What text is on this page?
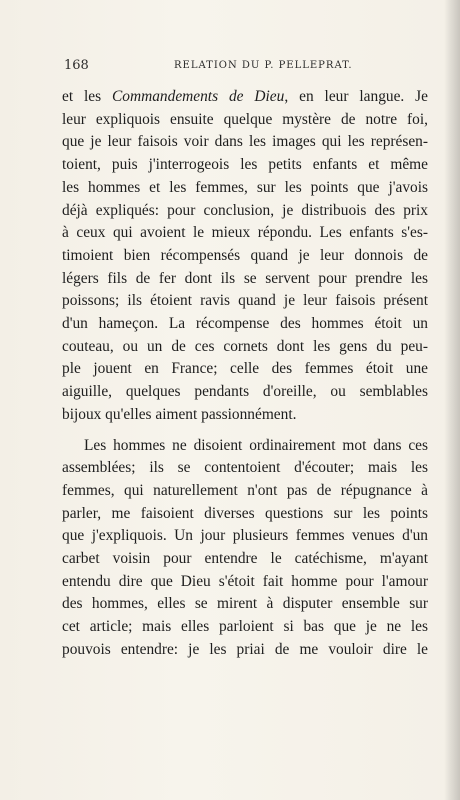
168	RELATION DU P. PELLEPRAT.
et les Commandements de Dieu, en leur langue. Je
leur expliquois ensuite quelque mystère de notre foi,
que je leur faisois voir dans les images qui les représen-
toient, puis j'interrogeois les petits enfants et même
les hommes et les femmes, sur les points que j'avois
déjà expliqués: pour conclusion, je distribuois des prix
à ceux qui avoient le mieux répondu. Les enfants s'es-
timoient bien récompensés quand je leur donnois de
légers fils de fer dont ils se servent pour prendre les
poissons; ils étoient ravis quand je leur faisois présent
d'un hameçon. La récompense des hommes étoit un
couteau, ou un de ces cornets dont les gens du peu-
ple jouent en France; celle des femmes étoit une
aiguille, quelques pendants d'oreille, ou semblables
bijoux qu'elles aiment passionnément.
Les hommes ne disoient ordinairement mot dans ces
assemblées; ils se contentoient d'écouter; mais les
femmes, qui naturellement n'ont pas de répugnance à
parler, me faisoient diverses questions sur les points
que j'expliquois. Un jour plusieurs femmes venues d'un
carbet voisin pour entendre le catéchisme, m'ayant
entendu dire que Dieu s'étoit fait homme pour l'amour
des hommes, elles se mirent à disputer ensemble sur
cet article; mais elles parloient si bas que je ne les
pouvois entendre: je les priai de me vouloir dire le
